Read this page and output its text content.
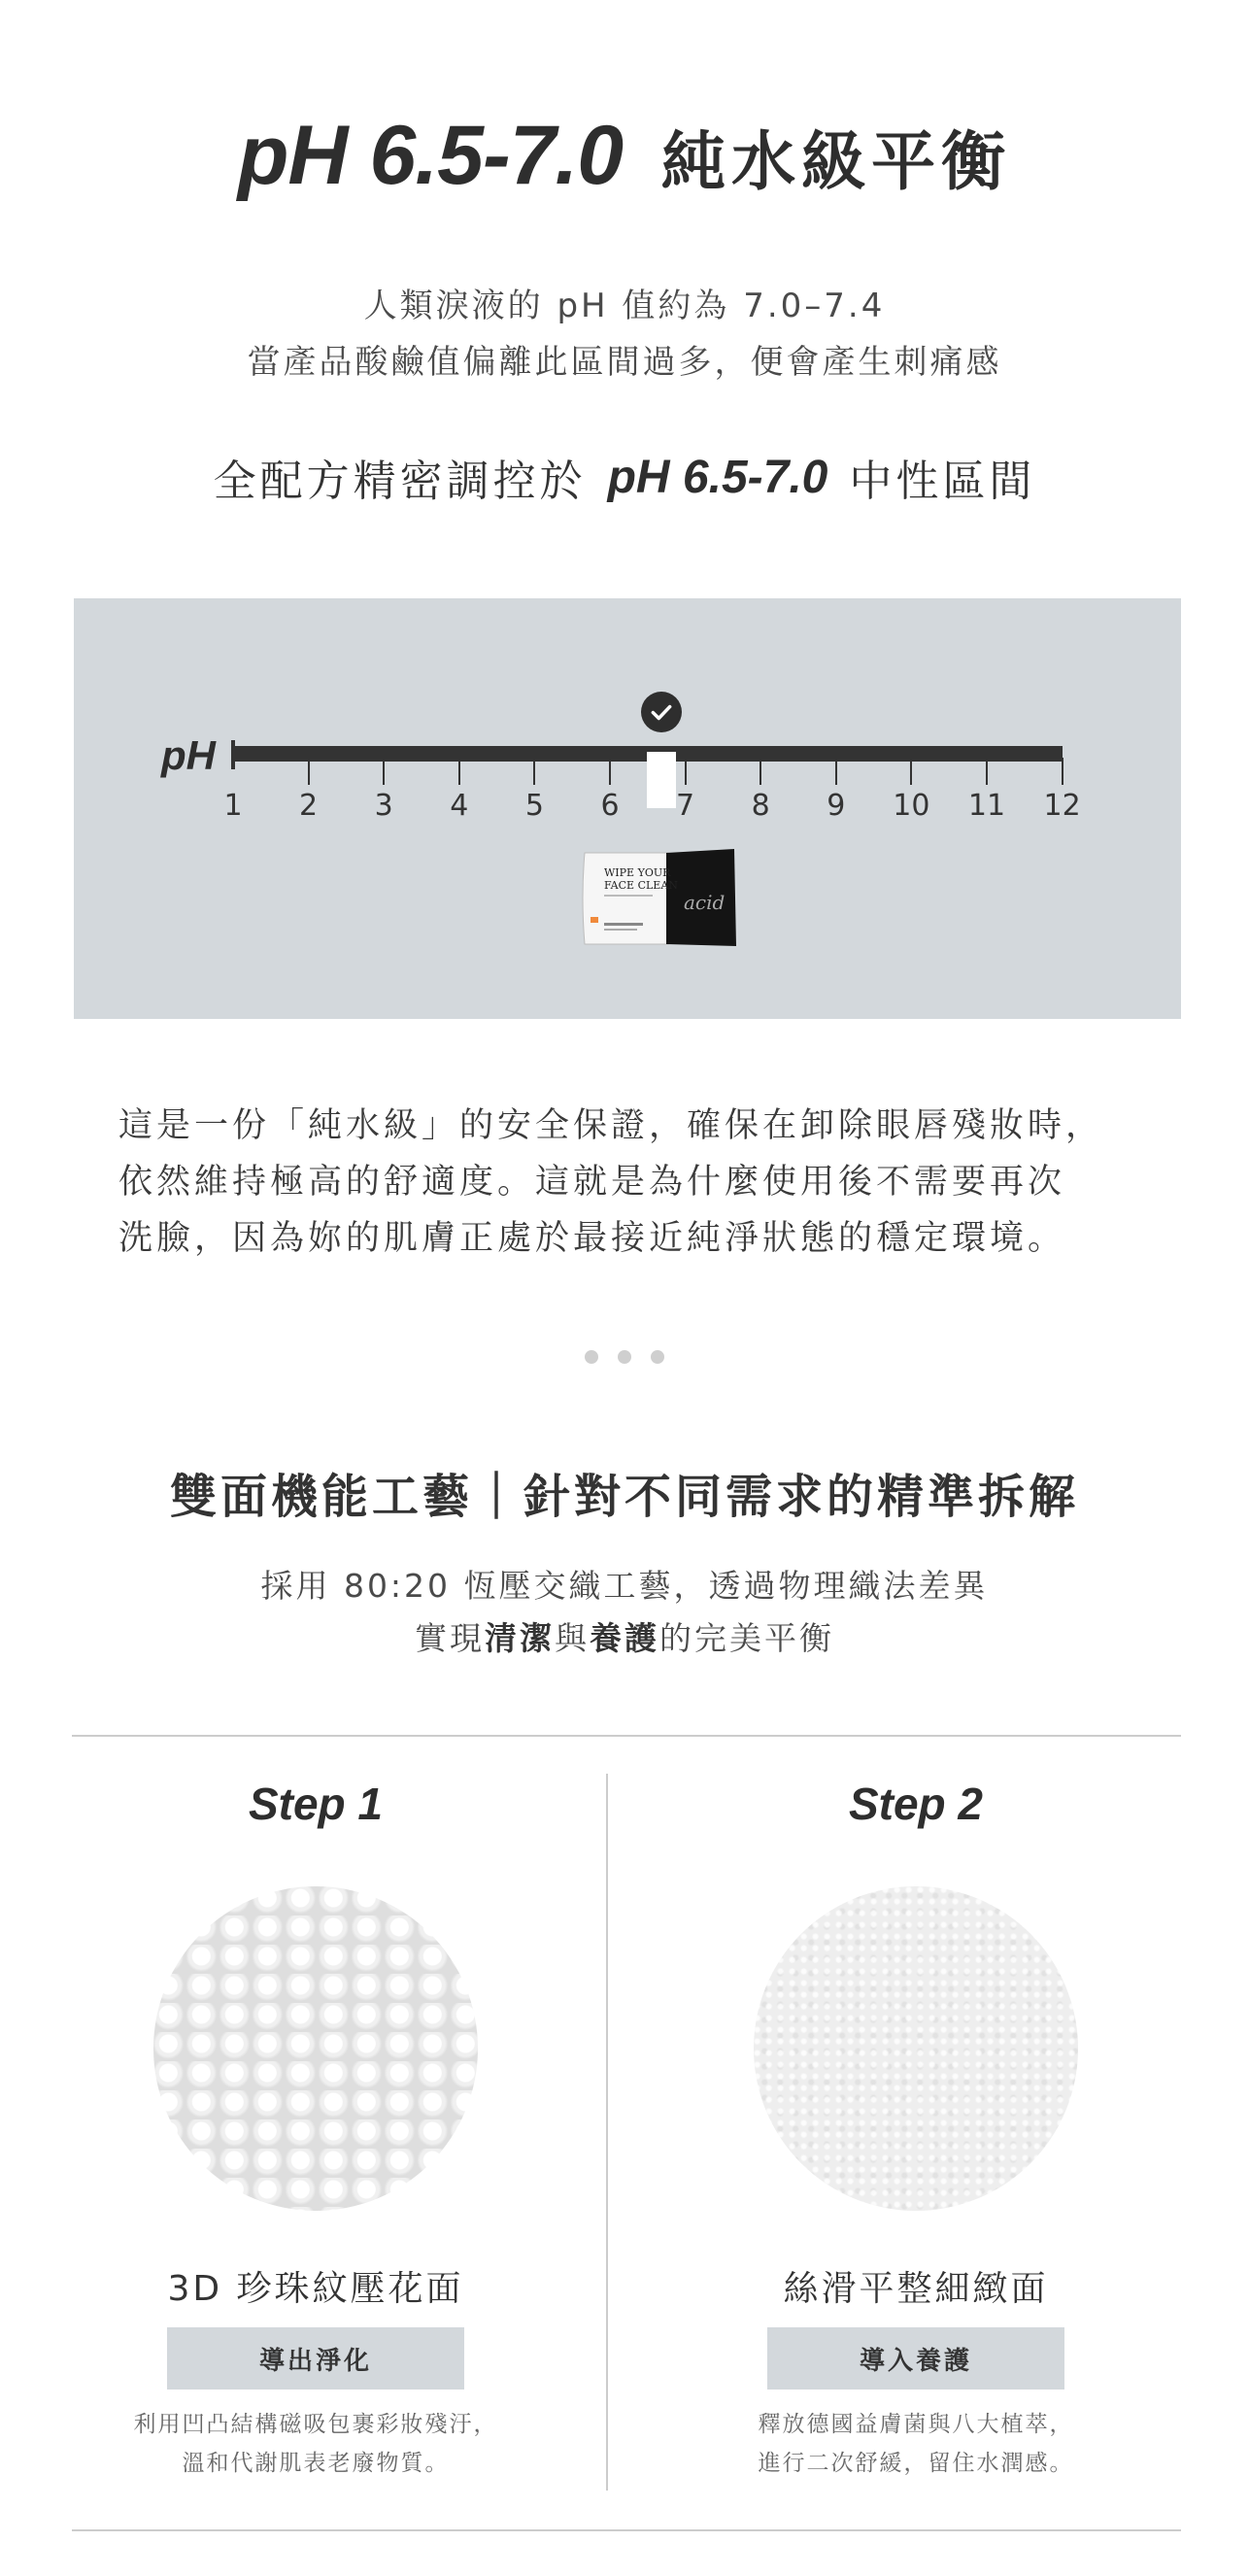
pH 6.5-7.0 純水級平衡
人類淚液的 pH 值約為 7.0–7.4
當產品酸鹼值偏離此區間過多，便會產生刺痛感
全配方精密調控於 pH 6.5-7.0 中性區間
pH
1	2	3	4	5	6	7	8	9	10	11	12
WIPE YOUR
FACE CLEAN
acid
這是一份「純水級」的安全保證，確保在卸除眼唇殘妝時，
依然維持極高的舒適度。這就是為什麼使用後不需要再次
洗臉，因為妳的肌膚正處於最接近純淨狀態的穩定環境。
雙面機能工藝｜針對不同需求的精準拆解
採用 80:20 恆壓交織工藝，透過物理織法差異
實現清潔與養護的完美平衡
Step 1
3D 珍珠紋壓花面
導出淨化
利用凹凸結構磁吸包裹彩妝殘汙，
溫和代謝肌表老廢物質。
Step 2
絲滑平整細緻面
導入養護
釋放德國益膚菌與八大植萃，
進行二次舒緩，留住水潤感。
